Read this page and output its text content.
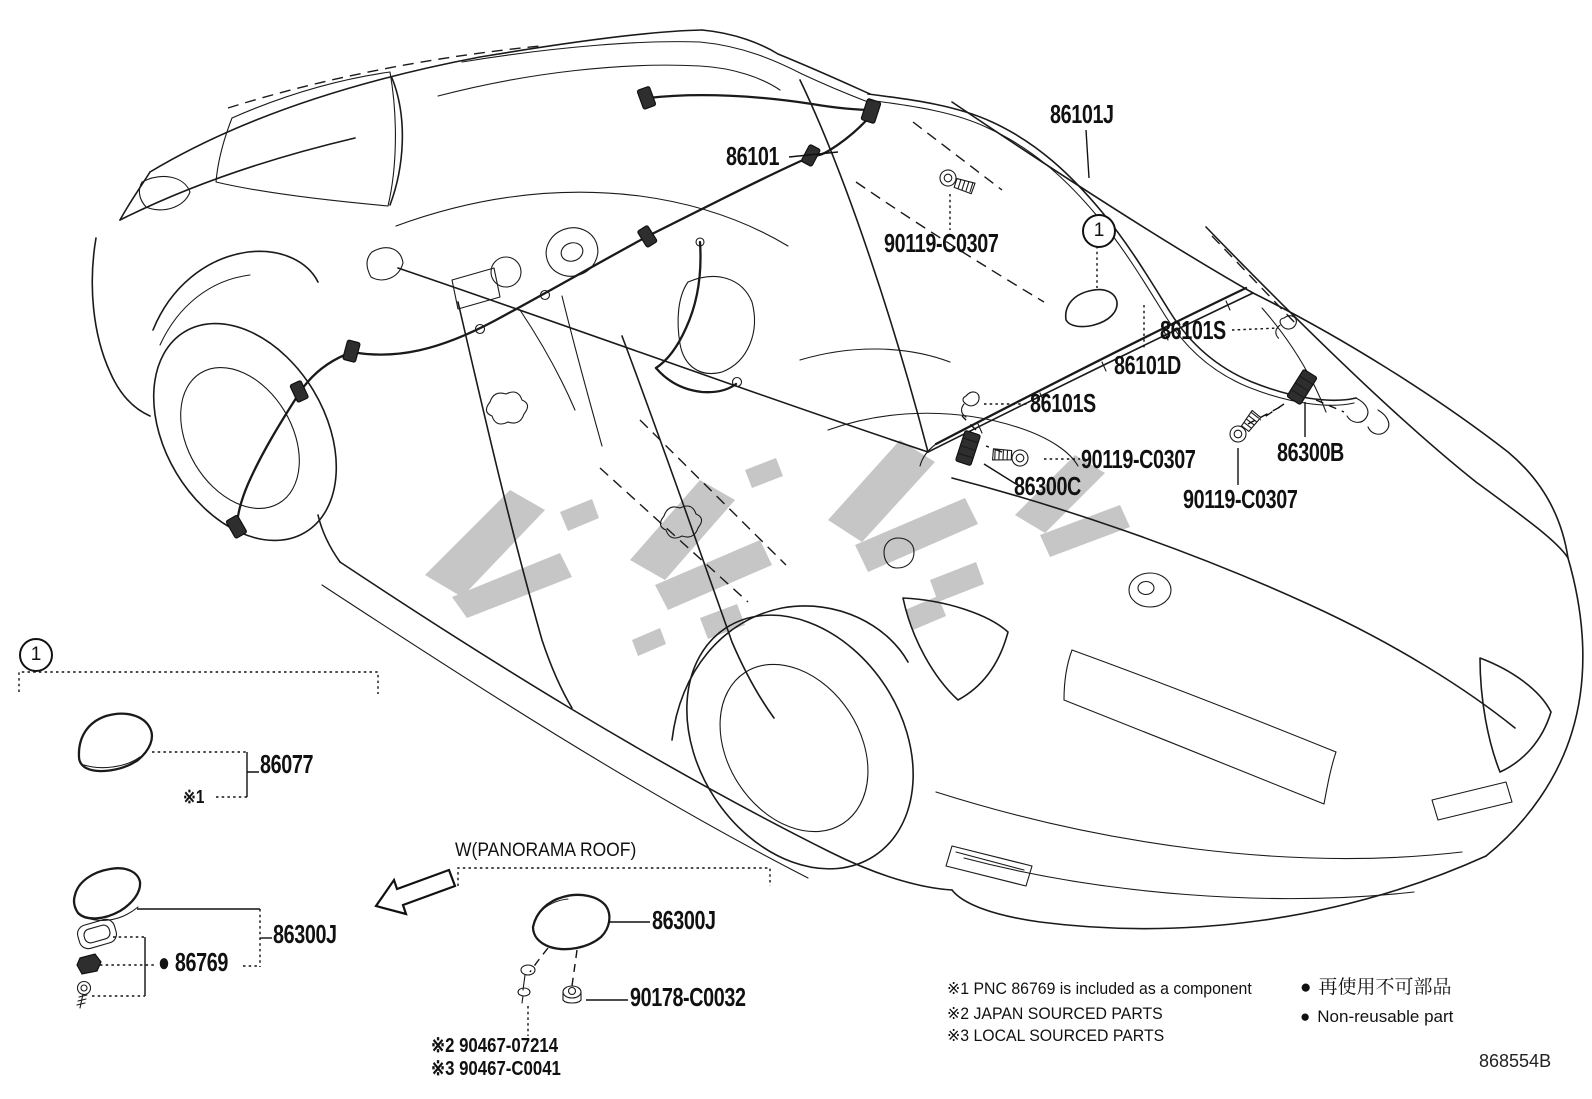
86101
86101J
90119-C0307
86101S
86101D
86101S
90119-C0307
86300C
86300B
90119-C0307
86077
※1
86300J
● 86769
W(PANORAMA ROOF)
86300J
90178-C0032
※2 90467-07214
※3 90467-C0041
※1 PNC 86769 is included as a component
※2 JAPAN SOURCED PARTS
※3 LOCAL SOURCED PARTS
● 再使用不可部品
● Non-reusable part
868554B
1
1
